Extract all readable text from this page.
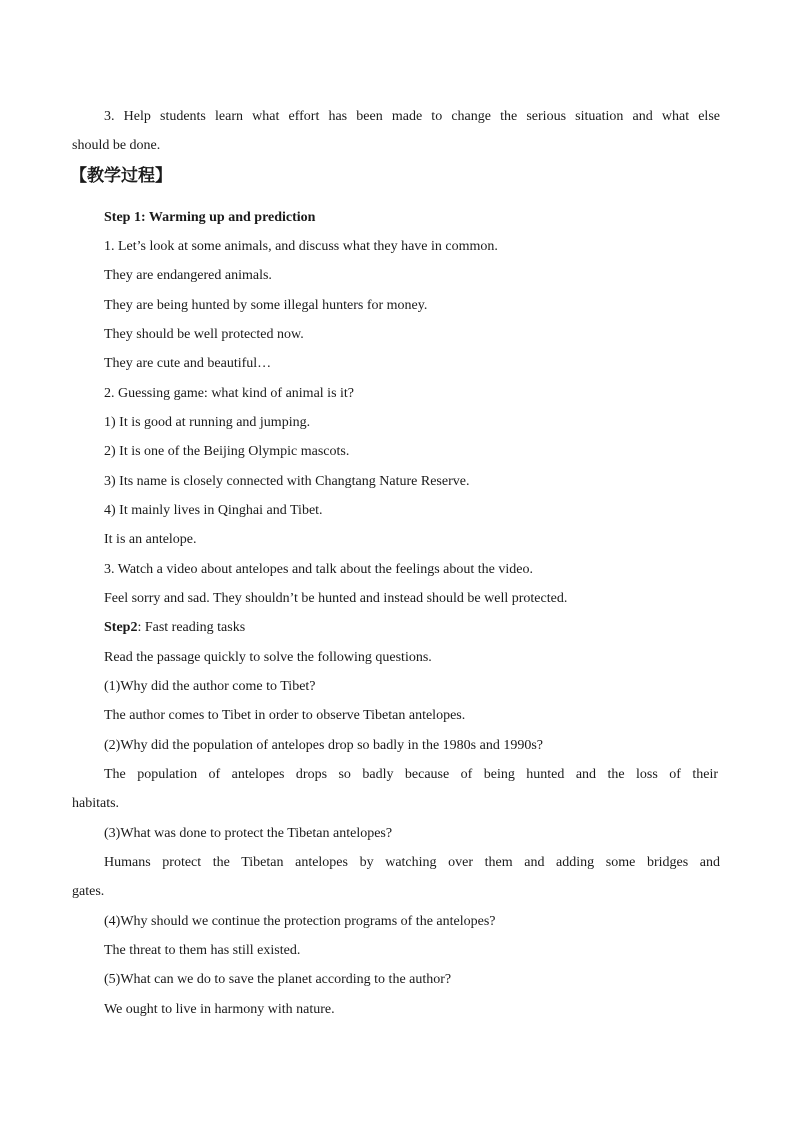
3. Help students learn what effort has been made to change the serious situation and what else
should be done.
【教学过程】
Step 1: Warming up and prediction
1. Let’s look at some animals, and discuss what they have in common.
They are endangered animals.
They are being hunted by some illegal hunters for money.
They should be well protected now.
They are cute and beautiful…
2. Guessing game: what kind of animal is it?
1) It is good at running and jumping.
2) It is one of the Beijing Olympic mascots.
3) Its name is closely connected with Changtang Nature Reserve.
4) It mainly lives in Qinghai and Tibet.
It is an antelope.
3. Watch a video about antelopes and talk about the feelings about the video.
Feel sorry and sad. They shouldn’t be hunted and instead should be well protected.
Step2: Fast reading tasks
Read the passage quickly to solve the following questions.
(1)Why did the author come to Tibet?
The author comes to Tibet in order to observe Tibetan antelopes.
(2)Why did the population of antelopes drop so badly in the 1980s and 1990s?
The population of antelopes drops so badly because of being hunted and the loss of their
habitats.
(3)What was done to protect the Tibetan antelopes?
Humans protect the Tibetan antelopes by watching over them and adding some bridges and
gates.
(4)Why should we continue the protection programs of the antelopes?
The threat to them has still existed.
(5)What can we do to save the planet according to the author?
We ought to live in harmony with nature.
